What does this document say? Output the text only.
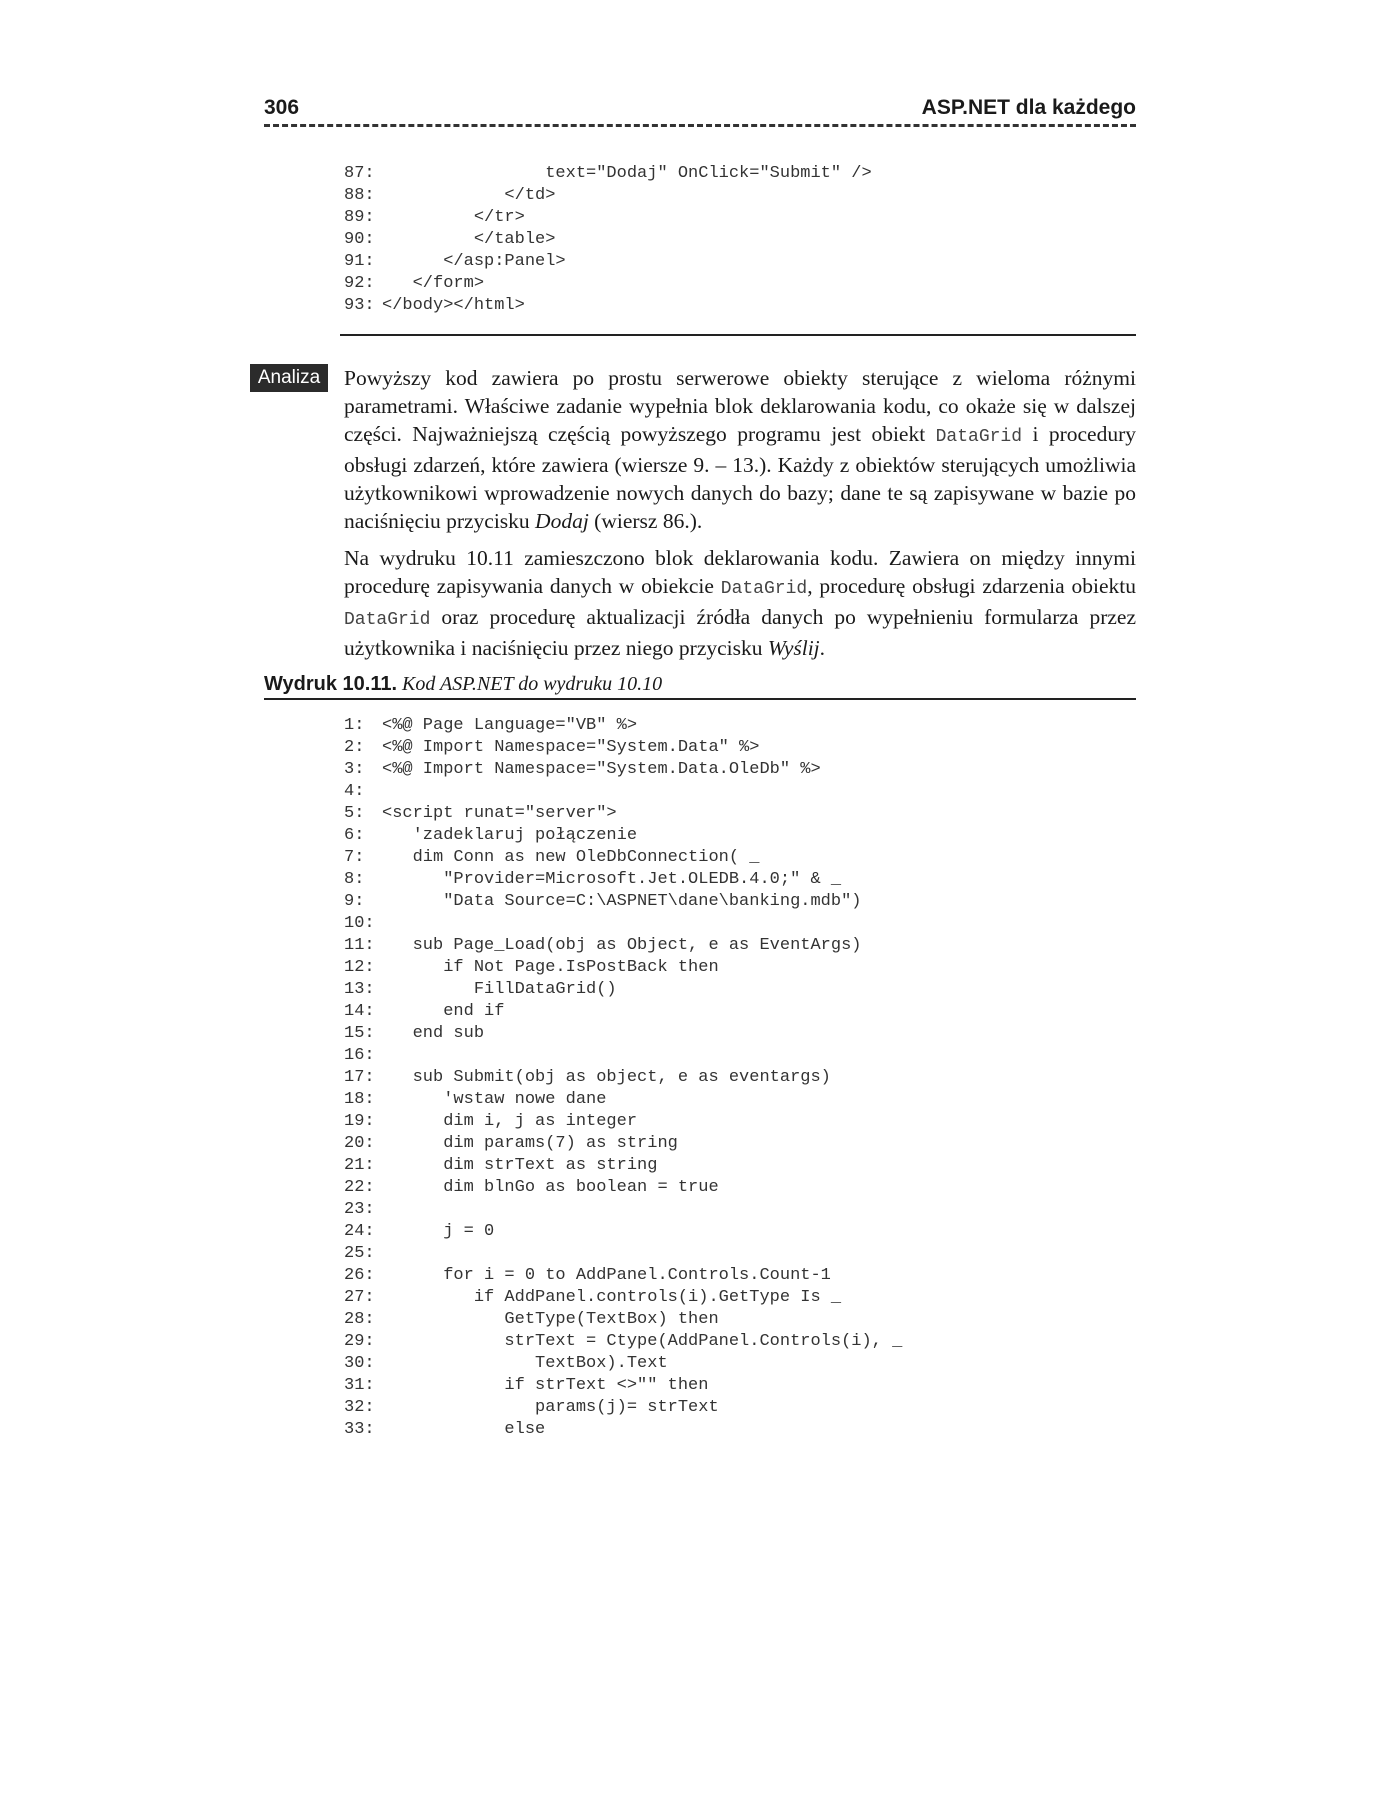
306	ASP.NET dla każdego
87:                text="Dodaj" OnClick="Submit" />
88:            </td>
89:         </tr>
90:         </table>
91:      </asp:Panel>
92:   </form>
93: </body></html>
Analiza	Powyższy kod zawiera po prostu serwerowe obiekty sterujące z wieloma różnymi parametrami. Właściwe zadanie wypełnia blok deklarowania kodu, co okaże się w dalszej części. Najważniejszą częścią powyższego programu jest obiekt DataGrid i procedury obsługi zdarzeń, które zawiera (wiersze 9. – 13.). Każdy z obiektów sterujących umożliwia użytkownikowi wprowadzenie nowych danych do bazy; dane te są zapisywane w bazie po naciśnięciu przycisku Dodaj (wiersz 86.).

Na wydruku 10.11 zamieszczono blok deklarowania kodu. Zawiera on między innymi procedurę zapisywania danych w obiekcie DataGrid, procedurę obsługi zdarzenia obiektu DataGrid oraz procedurę aktualizacji źródła danych po wypełnieniu formularza przez użytkownika i naciśnięciu przez niego przycisku Wyślij.

Wydruk 10.11. Kod ASP.NET do wydruku 10.10
1: <%@ Page Language="VB" %>
2: <%@ Import Namespace="System.Data" %>
3: <%@ Import Namespace="System.Data.OleDb" %>
4:
5: <script runat="server">
6:   'zadeklaruj połączenie
7:   dim Conn as new OleDbConnection( _
8:      "Provider=Microsoft.Jet.OLEDB.4.0;" & _
9:      "Data Source=C:\ASPNET\dane\banking.mdb")
10:
11:   sub Page_Load(obj as Object, e as EventArgs)
12:      if Not Page.IsPostBack then
13:         FillDataGrid()
14:      end if
15:   end sub
16:
17:   sub Submit(obj as object, e as eventargs)
18:      'wstaw nowe dane
19:      dim i, j as integer
20:      dim params(7) as string
21:      dim strText as string
22:      dim blnGo as boolean = true
23:
24:      j = 0
25:
26:      for i = 0 to AddPanel.Controls.Count-1
27:         if AddPanel.controls(i).GetType Is _
28:            GetType(TextBox) then
29:            strText = Ctype(AddPanel.Controls(i), _
30:               TextBox).Text
31:            if strText <>"" then
32:               params(j)= strText
33:            else
